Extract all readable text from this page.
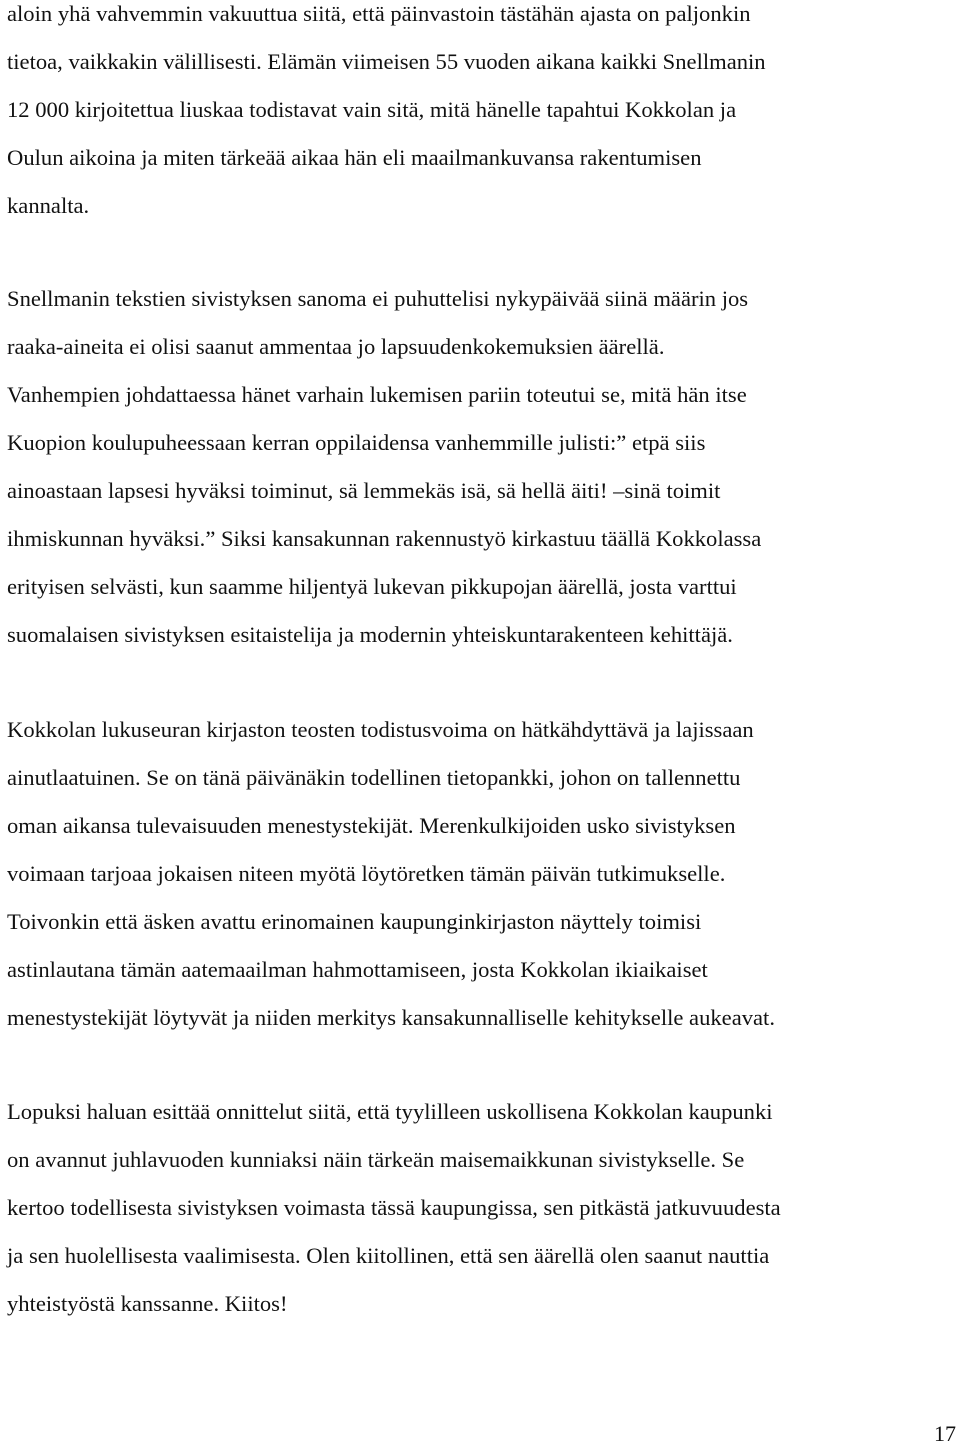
aloin yhä vahvemmin vakuuttua siitä, että päinvastoin tästähän ajasta on paljonkin
tietoa, vaikkakin välillisesti. Elämän viimeisen 55 vuoden aikana kaikki Snellmanin
12 000 kirjoitettua liuskaa todistavat vain sitä, mitä hänelle tapahtui Kokkolan ja
Oulun aikoina ja miten tärkeää aikaa hän eli maailmankuvansa rakentumisen
kannalta.

Snellmanin tekstien sivistyksen sanoma ei puhuttelisi nykypäivää siinä määrin jos
raaka-aineita ei olisi saanut ammentaa jo lapsuudenkokemuksien äärellä.
Vanhempien johdattaessa hänet varhain lukemisen pariin toteutui se, mitä hän itse
Kuopion koulupuheessaan kerran oppilaidensa vanhemmille julisti:” etpä siis
ainoastaan lapsesi hyväksi toiminut, sä lemmekäs isä, sä hellä äiti! –sinä toimit
ihmiskunnan hyväksi.” Siksi kansakunnan rakennustyö kirkastuu täällä Kokkolassa
erityisen selvästi, kun saamme hiljentyä lukevan pikkupojan äärellä, josta varttui
suomalaisen sivistyksen esitaistelija ja modernin yhteiskuntarakenteen kehittäjä.

Kokkolan lukuseuran kirjaston teosten todistusvoima on hätkähdyttävä ja lajissaan
ainutlaatuinen. Se on tänä päivänäkin todellinen tietopankki, johon on tallennettu
oman aikansa tulevaisuuden menestystekijät. Merenkulkijoiden usko sivistyksen
voimaan tarjoaa jokaisen niteen myötä löytöretken tämän päivän tutkimukselle.
Toivonkin että äsken avattu erinomainen kaupunginkirjaston näyttely toimisi
astinlautana tämän aatemaailman hahmottamiseen, josta Kokkolan ikiaikaiset
menestystekijät löytyvät ja niiden merkitys kansakunnalliselle kehitykselle aukeavat.

Lopuksi haluan esittää onnittelut siitä, että tyylilleen uskollisena Kokkolan kaupunki
on avannut juhlavuoden kunniaksi näin tärkeän maisemaikkunan sivistykselle. Se
kertoo todellisesta sivistyksen voimasta tässä kaupungissa, sen pitkästä jatkuvuudesta
ja sen huolellisesta vaalimisesta. Olen kiitollinen, että sen äärellä olen saanut nauttia
yhteistyöstä kanssanne. Kiitos!

17
